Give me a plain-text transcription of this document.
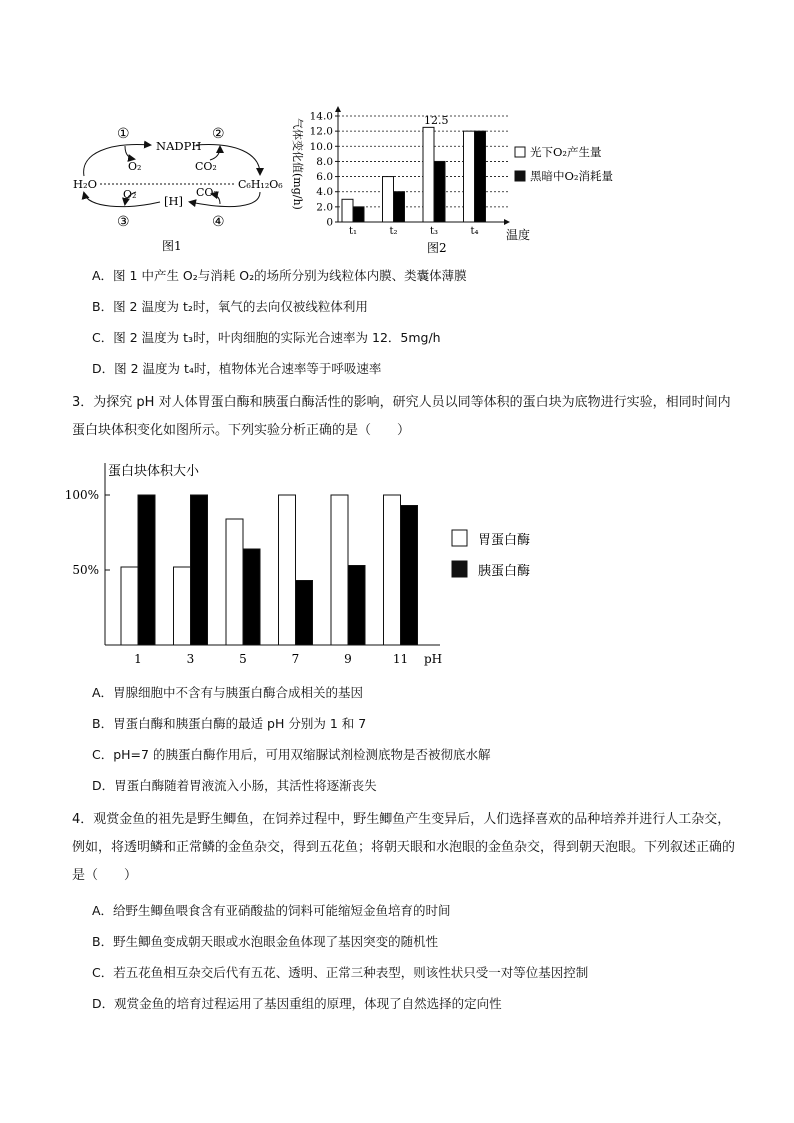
①
NADPH
②
O₂	CO₂
H₂O	C₆H₁₂O₆
O₂	CO₂
[H]
③	④
图1
气体变化值(mg/h)
温度
图2
光下O₂产生量
黑暗中O₂消耗量
12.5
0
2.0
4.0
6.0
8.0
10.0
12.0
14.0
t₁	t₂	t₃	t₄
A．图 1 中产生 O₂与消耗 O₂的场所分别为线粒体内膜、类囊体薄膜
B．图 2 温度为 t₂时，氧气的去向仅被线粒体利用
C．图 2 温度为 t₃时，叶肉细胞的实际光合速率为 12．5mg/h
D．图 2 温度为 t₄时，植物体光合速率等于呼吸速率
3．为探究 pH 对人体胃蛋白酶和胰蛋白酶活性的影响，研究人员以同等体积的蛋白块为底物进行实验，相同时间内蛋白块体积变化如图所示。下列实验分析正确的是（　　）
蛋白块体积大小
pH
胃蛋白酶
胰蛋白酶
50%
100%
1	3	5	7	9	11
A．胃腺细胞中不含有与胰蛋白酶合成相关的基因
B．胃蛋白酶和胰蛋白酶的最适 pH 分别为 1 和 7
C．pH=7 的胰蛋白酶作用后，可用双缩脲试剂检测底物是否被彻底水解
D．胃蛋白酶随着胃液流入小肠，其活性将逐渐丧失
4．观赏金鱼的祖先是野生鲫鱼，在饲养过程中，野生鲫鱼产生变异后，人们选择喜欢的品种培养并进行人工杂交，例如，将透明鳞和正常鳞的金鱼杂交，得到五花鱼；将朝天眼和水泡眼的金鱼杂交，得到朝天泡眼。下列叙述正确的是（　　）
A．给野生鲫鱼喂食含有亚硝酸盐的饲料可能缩短金鱼培育的时间
B．野生鲫鱼变成朝天眼或水泡眼金鱼体现了基因突变的随机性
C．若五花鱼相互杂交后代有五花、透明、正常三种表型，则该性状只受一对等位基因控制
D．观赏金鱼的培育过程运用了基因重组的原理，体现了自然选择的定向性
